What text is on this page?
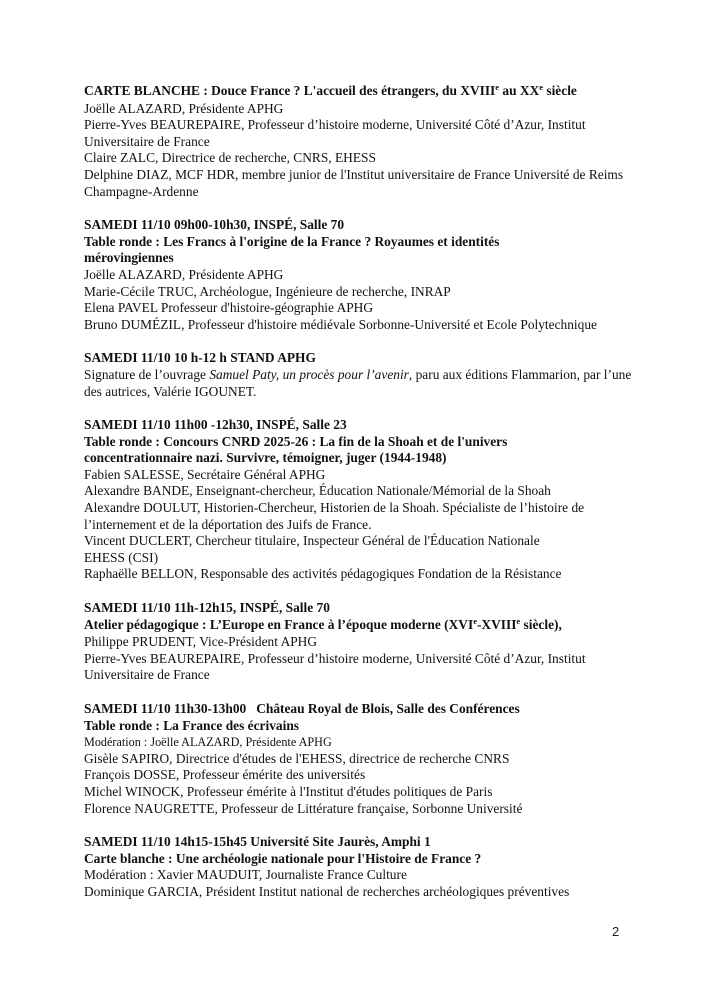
CARTE BLANCHE : Douce France ? L'accueil des étrangers, du XVIIIe au XXe siècle
Joëlle ALAZARD, Présidente APHG
Pierre-Yves BEAUREPAIRE, Professeur d’histoire moderne, Université Côté d’Azur, Institut Universitaire de France
Claire ZALC, Directrice de recherche, CNRS, EHESS
Delphine DIAZ, MCF HDR, membre junior de l'Institut universitaire de France Université de Reims Champagne-Ardenne
SAMEDI 11/10 09h00-10h30, INSPÉ, Salle 70
Table ronde : Les Francs à l'origine de la France ? Royaumes et identités mérovingiennes
Joëlle ALAZARD, Présidente APHG
Marie-Cécile TRUC, Archéologue, Ingénieure de recherche, INRAP
Elena PAVEL Professeur d'histoire-géographie APHG
Bruno DUMÉZIL, Professeur d'histoire médiévale Sorbonne-Université et Ecole Polytechnique
SAMEDI 11/10 10 h-12 h STAND APHG
Signature de l’ouvrage Samuel Paty, un procès pour l’avenir, paru aux éditions Flammarion, par l’une des autrices, Valérie IGOUNET.
SAMEDI 11/10 11h00 -12h30, INSPÉ, Salle 23
Table ronde : Concours CNRD 2025-26 : La fin de la Shoah et de l'univers concentrationnaire nazi. Survivre, témoigner, juger (1944-1948)
Fabien SALESSE, Secrétaire Général APHG
Alexandre BANDE, Enseignant-chercheur, Éducation Nationale/Mémorial de la Shoah
Alexandre DOULUT, Historien-Chercheur, Historien de la Shoah. Spécialiste de l’histoire de l’internement et de la déportation des Juifs de France.
Vincent DUCLERT, Chercheur titulaire, Inspecteur Général de l'Éducation Nationale
EHESS (CSI)
Raphaëlle BELLON, Responsable des activités pédagogiques Fondation de la Résistance
SAMEDI 11/10 11h-12h15, INSPÉ, Salle 70
Atelier pédagogique : L’Europe en France à l’époque moderne (XVIe-XVIIIe siècle),
Philippe PRUDENT, Vice-Président APHG
Pierre-Yves BEAUREPAIRE, Professeur d’histoire moderne, Université Côté d’Azur, Institut Universitaire de France
SAMEDI 11/10 11h30-13h00 Château Royal de Blois, Salle des Conférences
Table ronde : La France des écrivains
Modération : Joëlle ALAZARD, Présidente APHG
Gisèle SAPIRO, Directrice d'études de l'EHESS, directrice de recherche CNRS
François DOSSE, Professeur émérite des universités
Michel WINOCK, Professeur émérite à l'Institut d'études politiques de Paris
Florence NAUGRETTE, Professeur de Littérature française, Sorbonne Université
SAMEDI 11/10 14h15-15h45 Université Site Jaurès, Amphi 1
Carte blanche : Une archéologie nationale pour l'Histoire de France ?
Modération : Xavier MAUDUIT, Journaliste France Culture
Dominique GARCIA, Président Institut national de recherches archéologiques préventives
2
